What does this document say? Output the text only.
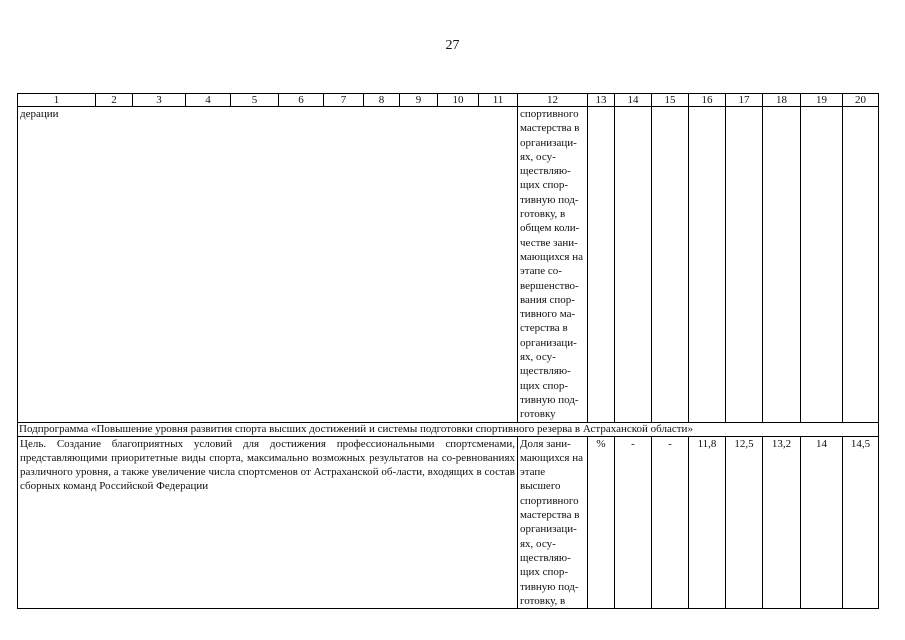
27
1	2	3	4	5	6	7	8	9	10	11	12	13	14	15	16	17	18	19	20
дерации											спортивного мастерства в организаци-ях, осу-ществляю-щих спор-тивную под-готовку, в общем коли-честве зани-мающихся на этапе со-вершенство-вания спор-тивного ма-стерства в организаци-ях, осу-ществляю-щих спор-тивную под-готовку								
Подпрограмма «Повышение уровня развития спорта высших достижений и системы подготовки спортивного резерва в Астраханской области»																			
Цель. Создание благоприятных условий для достижения профессиональными спортсменами, представляющими приоритетные виды спорта, максимально возможных результатов на со-ревнованиях различного уровня, а также увеличение числа спортсменов от Астраханской об-ласти, входящих в состав сборных команд Российской Федерации											Доля зани-мающихся на этапе высшего спортивного мастерства в организаци-ях, осу-ществляю-щих спор-тивную под-готовку, в	%	-	-	11,8	12,5	13,2	14	14,5
